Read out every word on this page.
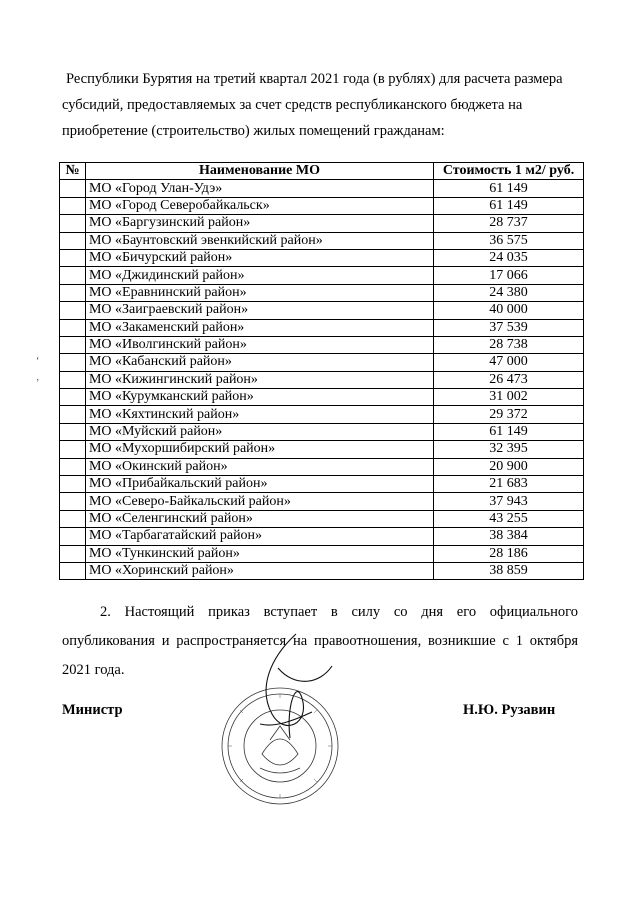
Республики Бурятия на третий квартал 2021 года (в рублях) для расчета размера
субсидий, предоставляемых за счет средств республиканского бюджета на
приобретение (строительство) жилых помещений гражданам:
№	Наименование МО	Стоимость 1 м2/ руб.
	МО «Город Улан-Удэ»	61 149
	МО «Город Северобайкальск»	61 149
	МО «Баргузинский район»	28 737
	МО «Баунтовский эвенкийский район»	36 575
	МО «Бичурский район»	24 035
	МО «Джидинский район»	17 066
	МО «Еравнинский район»	24 380
	МО «Заиграевский район»	40 000
	МО «Закаменский район»	37 539
	МО «Иволгинский район»	28 738
	МО «Кабанский район»	47 000
	МО «Кижингинский район»	26 473
	МО «Курумканский район»	31 002
	МО «Кяхтинский район»	29 372
	МО «Муйский район»	61 149
	МО «Мухоршибирский район»	32 395
	МО «Окинский район»	20 900
	МО «Прибайкальский район»	21 683
	МО «Северо-Байкальский район»	37 943
	МО «Селенгинский район»	43 255
	МО «Тарбагатайский район»	38 384
	МО «Тункинский район»	28 186
	МО «Хоринский район»	38 859
‘
’
2. Настоящий приказ вступает в силу со дня его официального опубликования и распространяется на правоотношения, возникшие с 1 октября 2021 года.
Министр	Н.Ю. Рузавин
